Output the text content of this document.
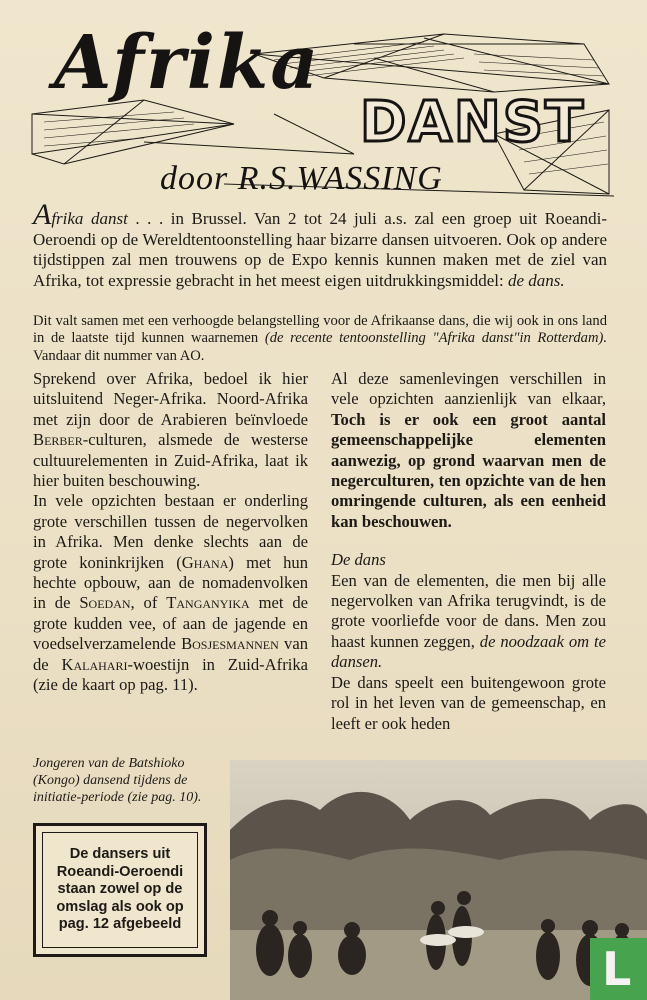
Afrika
DANST
door R.S.WASSING
Afrika danst . . . in Brussel. Van 2 tot 24 juli a.s. zal een groep uit Roeandi-Oeroendi op de Wereldtentoonstelling haar bizarre dansen uitvoeren. Ook op andere tijdstippen zal men trouwens op de Expo kennis kunnen maken met de ziel van Afrika, tot expressie gebracht in het meest eigen uitdrukkingsmiddel: de dans.
Dit valt samen met een verhoogde belangstelling voor de Afrikaanse dans, die wij ook in ons land in de laatste tijd kunnen waarnemen (de recente tentoonstelling "Afrika danst"in Rotterdam). Vandaar dit nummer van AO.

Sprekend over Afrika, bedoel ik hier uitsluitend Neger-Afrika. Noord-Afrika met zijn door de Arabieren beïnvloede Berber-culturen, alsmede de westerse cultuurelementen in Zuid-Afrika, laat ik hier buiten beschouwing.

In vele opzichten bestaan er onderling grote verschillen tussen de negervolken in Afrika. Men denke slechts aan de grote koninkrijken (Ghana) met hun hechte opbouw, aan de nomadenvolken in de Soedan, of Tanganyika met de grote kudden vee, of aan de jagende en voedselverzamelende Bosjesmannen van de Kalahari-woestijn in Zuid-Afrika (zie de kaart op pag. 11).

Al deze samenlevingen verschillen in vele opzichten aanzienlijk van elkaar, Toch is er ook een groot aantal gemeenschappelijke elementen aanwezig, op grond waarvan men de negerculturen, ten opzichte van de hen omringende culturen, als een eenheid kan beschouwen.

De dans

Een van de elementen, die men bij alle negervolken van Afrika terugvindt, is de grote voorliefde voor de dans. Men zou haast kunnen zeggen, de noodzaak om te dansen.

De dans speelt een buitengewoon grote rol in het leven van de gemeenschap, en leeft er ook heden

Jongeren van de Batshioko (Kongo) dansend tijdens de initiatie-periode (zie pag. 10).
De dansers uit Roeandi-Oeroendi staan zowel op de omslag als ook op pag. 12 afgebeeld
L
